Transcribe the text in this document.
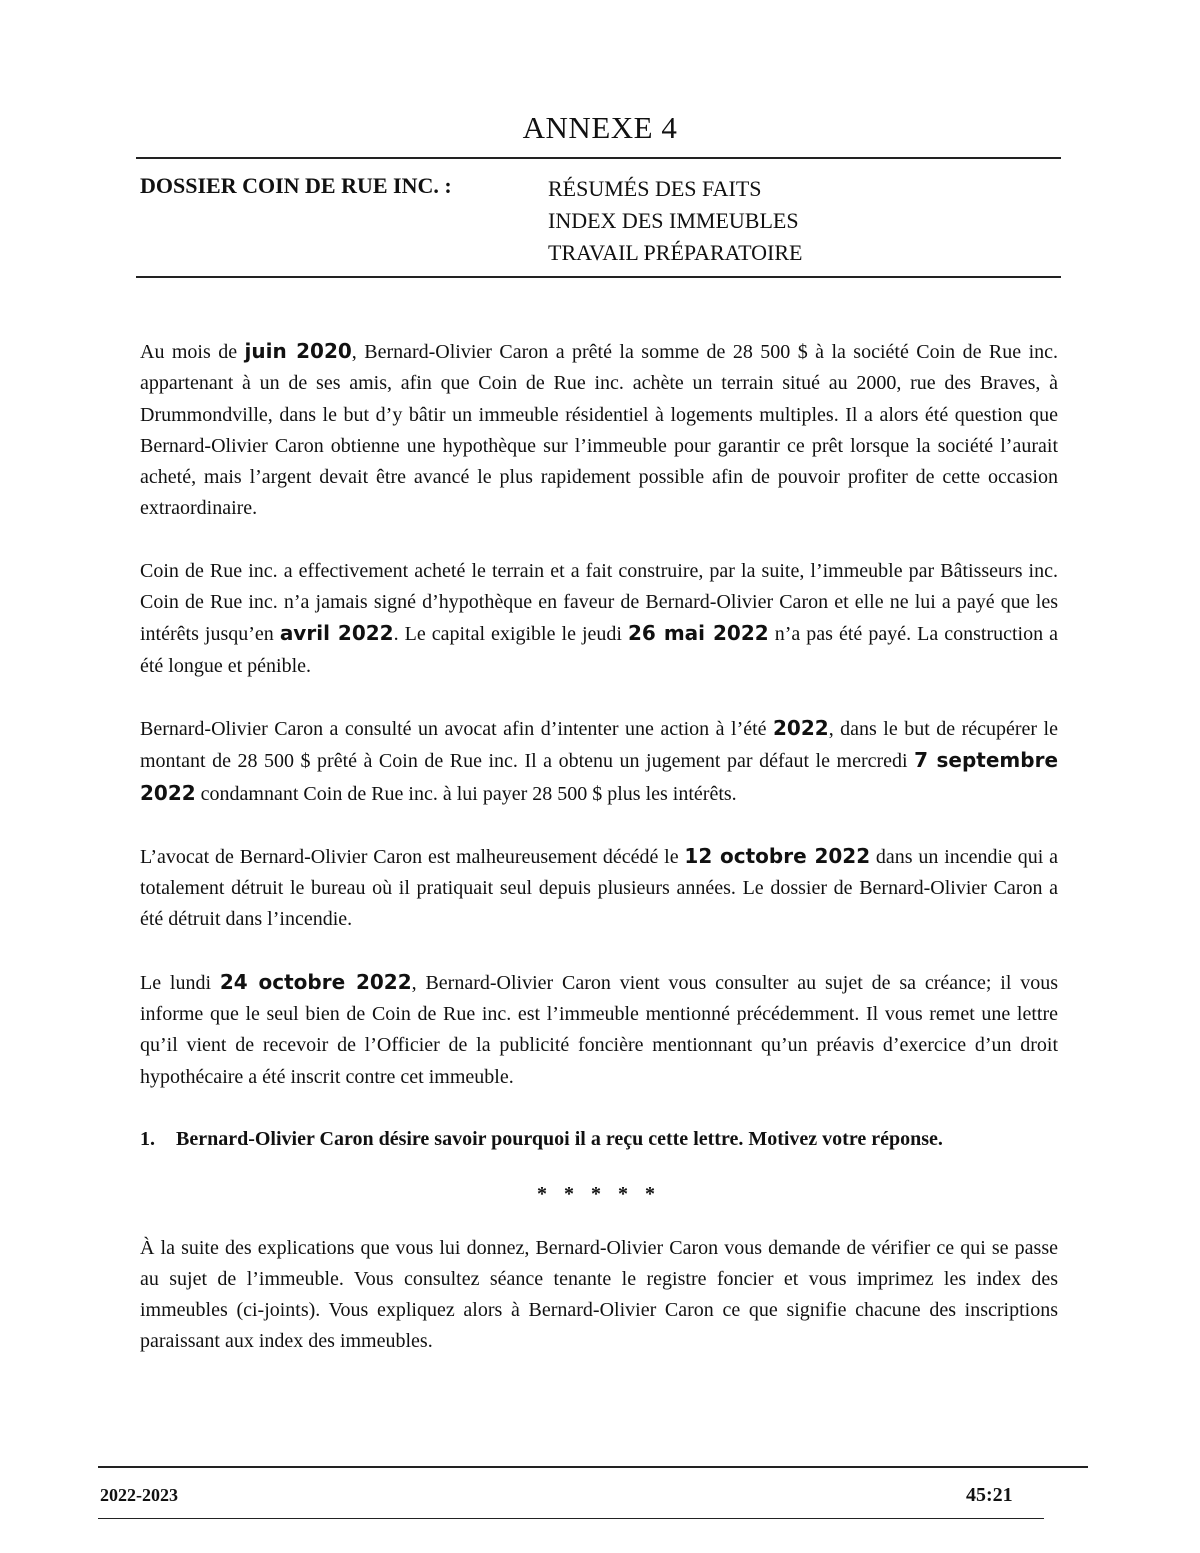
ANNEXE 4
DOSSIER COIN DE RUE INC. :	RÉSUMÉS DES FAITS
INDEX DES IMMEUBLES
TRAVAIL PRÉPARATOIRE

Au mois de juin 2020, Bernard-Olivier Caron a prêté la somme de 28 500 $ à la société Coin de Rue inc. appartenant à un de ses amis, afin que Coin de Rue inc. achète un terrain situé au 2000, rue des Braves, à Drummondville, dans le but d’y bâtir un immeuble résidentiel à logements multiples. Il a alors été question que Bernard-Olivier Caron obtienne une hypothèque sur l’immeuble pour garantir ce prêt lorsque la société l’aurait acheté, mais l’argent devait être avancé le plus rapidement possible afin de pouvoir profiter de cette occasion extraordinaire.

Coin de Rue inc. a effectivement acheté le terrain et a fait construire, par la suite, l’immeuble par Bâtisseurs inc. Coin de Rue inc. n’a jamais signé d’hypothèque en faveur de Bernard-Olivier Caron et elle ne lui a payé que les intérêts jusqu’en avril 2022. Le capital exigible le jeudi 26 mai 2022 n’a pas été payé. La construction a été longue et pénible.

Bernard-Olivier Caron a consulté un avocat afin d’intenter une action à l’été 2022, dans le but de récupérer le montant de 28 500 $ prêté à Coin de Rue inc. Il a obtenu un jugement par défaut le mercredi 7 septembre 2022 condamnant Coin de Rue inc. à lui payer 28 500 $ plus les intérêts.

L’avocat de Bernard-Olivier Caron est malheureusement décédé le 12 octobre 2022 dans un incendie qui a totalement détruit le bureau où il pratiquait seul depuis plusieurs années. Le dossier de Bernard-Olivier Caron a été détruit dans l’incendie.

Le lundi 24 octobre 2022, Bernard-Olivier Caron vient vous consulter au sujet de sa créance; il vous informe que le seul bien de Coin de Rue inc. est l’immeuble mentionné précédemment. Il vous remet une lettre qu’il vient de recevoir de l’Officier de la publicité foncière mentionnant qu’un préavis d’exercice d’un droit hypothécaire a été inscrit contre cet immeuble.

1.	Bernard-Olivier Caron désire savoir pourquoi il a reçu cette lettre. Motivez votre réponse.
* * * * *

À la suite des explications que vous lui donnez, Bernard-Olivier Caron vous demande de vérifier ce qui se passe au sujet de l’immeuble. Vous consultez séance tenante le registre foncier et vous imprimez les index des immeubles (ci-joints). Vous expliquez alors à Bernard-Olivier Caron ce que signifie chacune des inscriptions paraissant aux index des immeubles.

2022-2023	45:21
